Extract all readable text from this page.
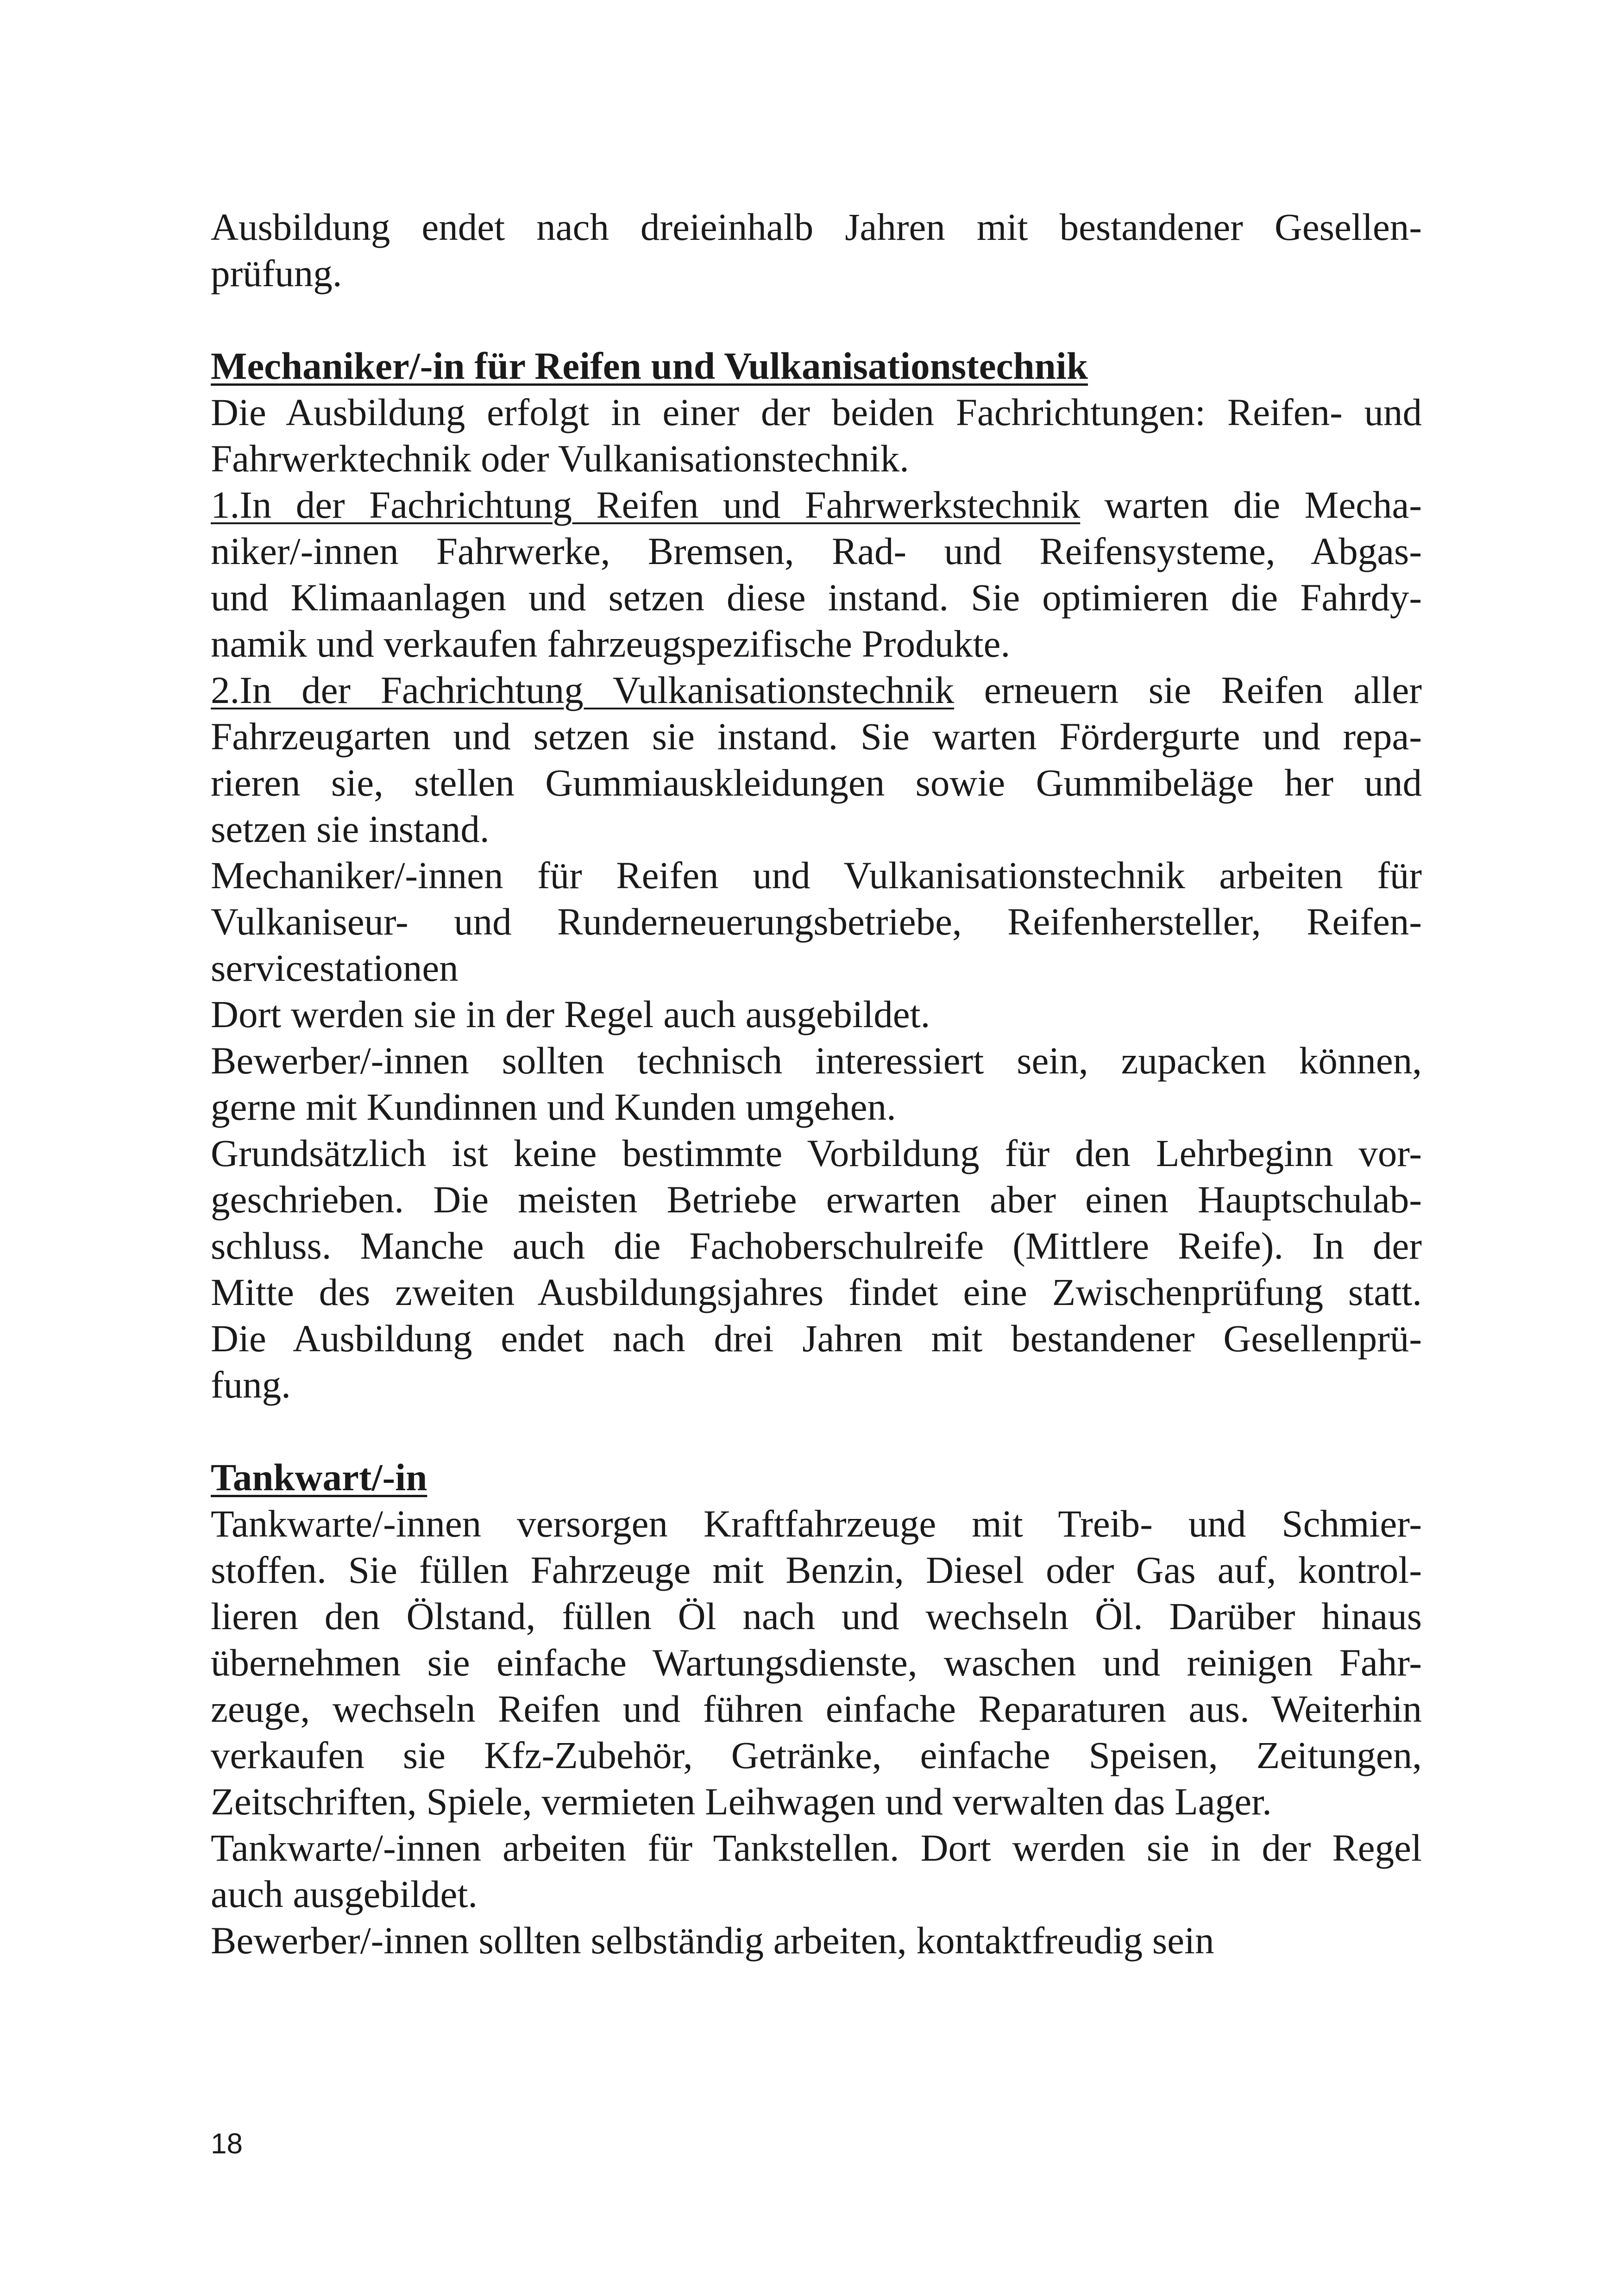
Ausbildung endet nach dreieinhalb Jahren mit bestandener Gesellen-
prüfung.
Mechaniker/-in für Reifen und Vulkanisationstechnik
Die Ausbildung erfolgt in einer der beiden Fachrichtungen: Reifen- und
Fahrwerktechnik oder Vulkanisationstechnik.
1.In der Fachrichtung Reifen und Fahrwerkstechnik warten die Mecha-
niker/-innen Fahrwerke, Bremsen, Rad- und Reifensysteme, Abgas-
und Klimaanlagen und setzen diese instand. Sie optimieren die Fahrdy-
namik und verkaufen fahrzeugspezifische Produkte.
2.In der Fachrichtung Vulkanisationstechnik erneuern sie Reifen aller
Fahrzeugarten und setzen sie instand. Sie warten Fördergurte und repa-
rieren sie, stellen Gummiauskleidungen sowie Gummibeläge her und
setzen sie instand.
Mechaniker/-innen für Reifen und Vulkanisationstechnik arbeiten für
Vulkaniseur- und Runderneuerungsbetriebe, Reifenhersteller, Reifen-
servicestationen
Dort werden sie in der Regel auch ausgebildet.
Bewerber/-innen sollten technisch interessiert sein, zupacken können,
gerne mit Kundinnen und Kunden umgehen.
Grundsätzlich ist keine bestimmte Vorbildung für den Lehrbeginn vor-
geschrieben. Die meisten Betriebe erwarten aber einen Hauptschulab-
schluss. Manche auch die Fachoberschulreife (Mittlere Reife). In der
Mitte des zweiten Ausbildungsjahres findet eine Zwischenprüfung statt.
Die Ausbildung endet nach drei Jahren mit bestandener Gesellenprü-
fung.
Tankwart/-in
Tankwarte/-innen versorgen Kraftfahrzeuge mit Treib- und Schmier-
stoffen. Sie füllen Fahrzeuge mit Benzin, Diesel oder Gas auf, kontrol-
lieren den Ölstand, füllen Öl nach und wechseln Öl. Darüber hinaus
übernehmen sie einfache Wartungsdienste, waschen und reinigen Fahr-
zeuge, wechseln Reifen und führen einfache Reparaturen aus. Weiterhin
verkaufen sie Kfz-Zubehör, Getränke, einfache Speisen, Zeitungen,
Zeitschriften, Spiele, vermieten Leihwagen und verwalten das Lager.
Tankwarte/-innen arbeiten für Tankstellen. Dort werden sie in der Regel
auch ausgebildet.
Bewerber/-innen sollten selbständig arbeiten, kontaktfreudig sein
18
